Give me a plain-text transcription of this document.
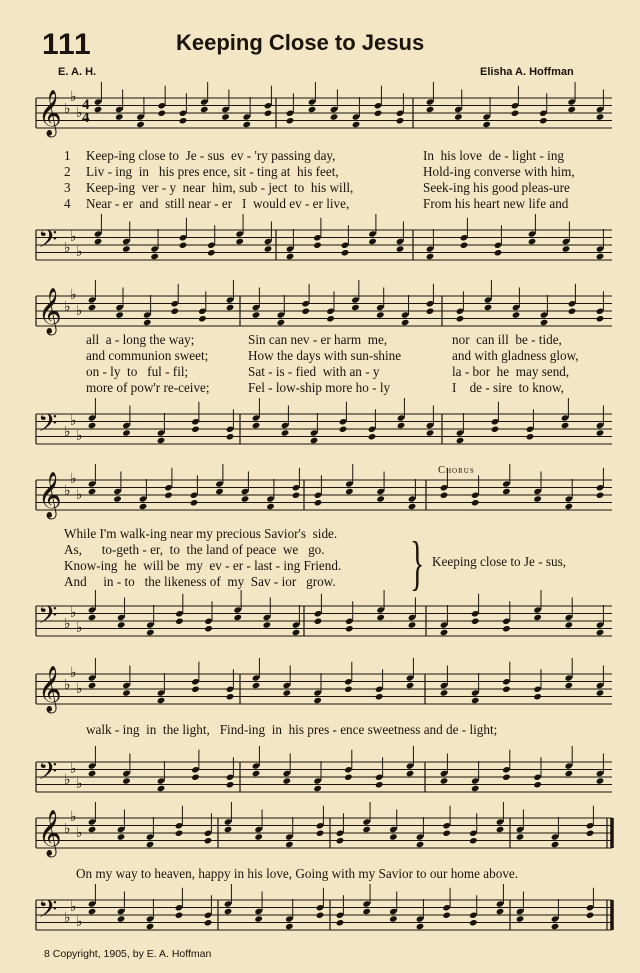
111	Keeping Close to Jesus
E. A. H.	Elisha A. Hoffman
𝄞 ♭
♭
♭
𝄢 ♭
♭
♭
4
4
𝄞 ♭
♭
♭
𝄢 ♭
♭
♭
𝄞 ♭
♭
♭
𝄢 ♭
♭
♭
𝄞 ♭
♭
♭
𝄢 ♭
♭
♭
𝄞 ♭
♭
♭
𝄢 ♭
♭
♭
1
2
3
4
Keep-ing close to  Je - sus  ev - 'ry passing day,	In  his love  de - light - ing
Liv - ing  in   his pres ence, sit - ting at  his feet,	Hold-ing converse with him,
Keep-ing  ver - y  near  him, sub - ject  to  his will,	Seek-ing his good pleas-ure
Near - er  and  still near - er   I  would ev - er live,	From his heart new life and
all  a - long the way;	Sin can nev - er harm  me,	nor  can ill  be - tide,
and communion sweet;	How the days with sun-shine	and with gladness glow,
on - ly  to   ful - fil;	Sat - is - fied  with an - y	la - bor  he  may send,
more of pow'r re-ceive;	Fel - low-ship more ho - ly	I    de - sire  to know,
Chorus
While I'm walk-ing near my precious Savior's  side.
As,      to-geth - er,  to  the land of peace  we   go.
Know-ing  he  will be  my  ev - er - last - ing Friend.
And     in - to   the likeness of  my  Sav - ior   grow. } Keeping close to Je - sus,
walk - ing  in  the light,   Find-ing  in  his pres - ence sweetness and de - light;
On my way to heaven, happy in his love, Going with my Savior to our home above.
8 Copyright, 1905, by E. A. Hoffman
